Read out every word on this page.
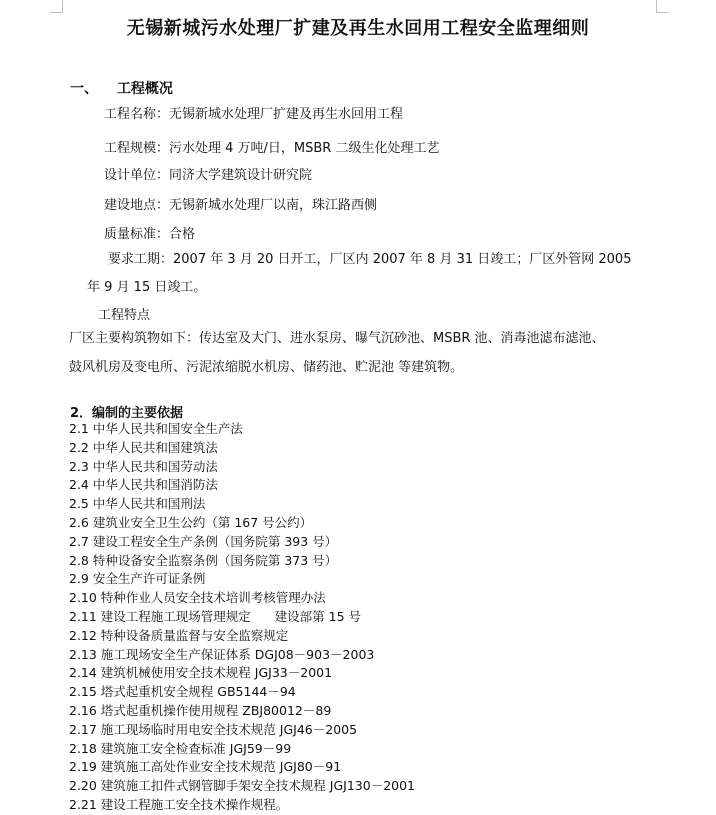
无锡新城污水处理厂扩建及再生水回用工程安全监理细则
一、 工程概况
工程名称：无锡新城水处理厂扩建及再生水回用工程
工程规模：污水处理 4 万吨/日，MSBR 二级生化处理工艺
设计单位：同济大学建筑设计研究院
建设地点：无锡新城水处理厂以南，珠江路西侧
质量标准：合格
要求工期：2007 年 3 月 20 日开工，厂区内 2007 年 8 月 31 日竣工；厂区外管网 2005
年 9 月 15 日竣工。
工程特点
厂区主要构筑物如下：传达室及大门、进水泵房、曝气沉砂池、MSBR 池、消毒池滤布滤池、
鼓风机房及变电所、污泥浓缩脱水机房、储药池、贮泥池 等建筑物。
2．编制的主要依据
2.1 中华人民共和国安全生产法
2.2 中华人民共和国建筑法
2.3 中华人民共和国劳动法
2.4 中华人民共和国消防法
2.5 中华人民共和国刑法
2.6 建筑业安全卫生公约（第 167 号公约）
2.7 建设工程安全生产条例（国务院第 393 号）
2.8 特种设备安全监察条例（国务院第 373 号）
2.9 安全生产许可证条例
2.10 特种作业人员安全技术培训考核管理办法
2.11 建设工程施工现场管理规定      建设部第 15 号
2.12 特种设备质量监督与安全监察规定
2.13 施工现场安全生产保证体系 DGJ08－903－2003
2.14 建筑机械使用安全技术规程 JGJ33－2001
2.15 塔式起重机安全规程 GB5144－94
2.16 塔式起重机操作使用规程 ZBJ80012－89
2.17 施工现场临时用电安全技术规范 JGJ46－2005
2.18 建筑施工安全检查标准 JGJ59－99
2.19 建筑施工高处作业安全技术规范 JGJ80－91
2.20 建筑施工扣件式钢管脚手架安全技术规程 JGJ130－2001
2.21 建设工程施工安全技术操作规程。
